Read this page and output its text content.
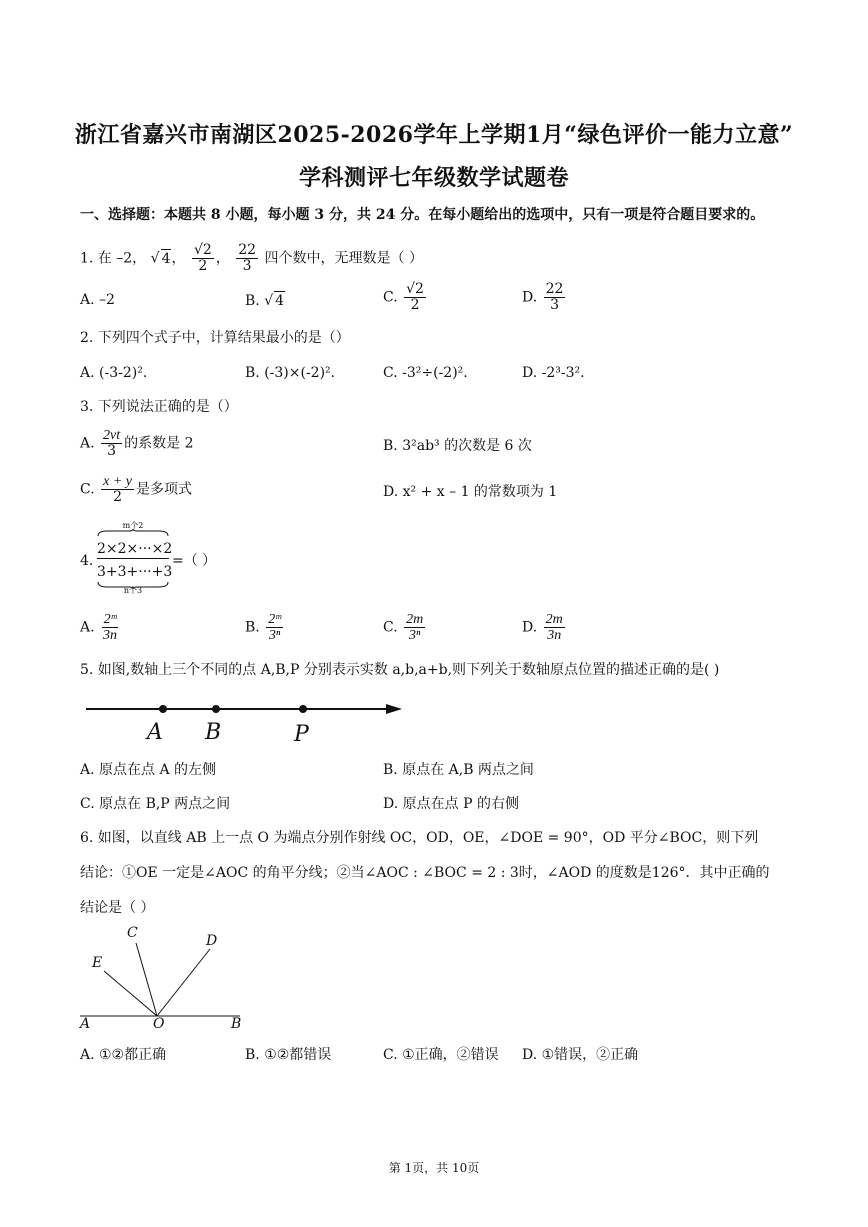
浙江省嘉兴市南湖区2025-2026学年上学期1月“绿色评价一能力立意”
学科测评七年级数学试题卷
一、选择题：本题共 8 小题，每小题 3 分，共 24 分。在每小题给出的选项中，只有一项是符合题目要求的。
1. 在 –2， √ 4， $\frac{√2}{2}$ ， $\frac{22}{3}$ 四个数中，无理数是（ ）
A. –2	B. √ 4	C. $\frac{√2}{2}$	D. $\frac{22}{3}$
2. 下列四个式子中，计算结果最小的是（）
A. (-3-2)².	B. (-3)×(-2)².	C. -3²÷(-2)².	D. -2³-3².
3. 下列说法正确的是（）
A. $\frac{2vt}{3}$ 的系数是 2	B. 3²ab³ 的次数是 6 次
C. $\frac{x + y}{2}$ 是多项式	D. x² + x – 1 的常数项为 1
4.
m个2
2×2×···×2
3+3+···+3
n个3
=（ ）
A. $\frac{\text{2ᵐ}}{3n}$	B. $\frac{\text{2ᵐ}}{\text{3ⁿ}}$	C. $\frac{2m}{\text{3ⁿ}}$	D. $\frac{2m}{3n}$
5. 如图,数轴上三个不同的点 A,B,P 分别表示实数 a,b,a+b,则下列关于数轴原点位置的描述正确的是( )
A B	P
A. 原点在点 A 的左侧	B. 原点在 A,B 两点之间
C. 原点在 B,P 两点之间	D. 原点在点 P 的右侧
6. 如图，以直线 AB 上一点 O 为端点分别作射线 OC，OD，OE，∠DOE = 90°，OD 平分∠BOC，则下列
结论：①OE 一定是∠AOC 的角平分线；②当∠AOC : ∠BOC = 2 : 3时，∠AOD 的度数是126°．其中正确的
结论是（ ）
C	D
E
A	O	B
A. ①②都正确	B. ①②都错误	C. ①正确，②错误 D. ①错误，②正确
第 1页，共 10页
